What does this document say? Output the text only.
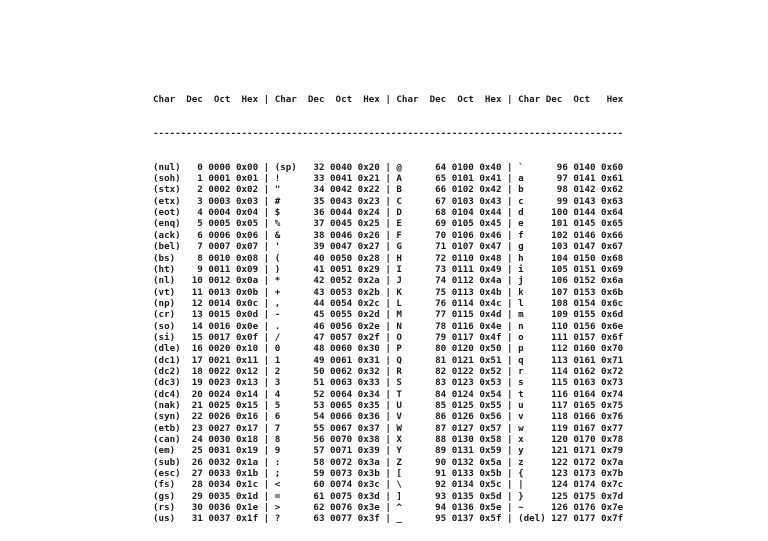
Char  Dec  Oct  Hex | Char  Dec  Oct  Hex | Char  Dec  Oct  Hex | Char Dec  Oct   Hex

-------------------------------------------------------------------------------------

(nul)   0 0000 0x00 | (sp)   32 0040 0x20 | @      64 0100 0x40 | `      96 0140 0x60
(soh)   1 0001 0x01 | !      33 0041 0x21 | A      65 0101 0x41 | a      97 0141 0x61
(stx)   2 0002 0x02 | "      34 0042 0x22 | B      66 0102 0x42 | b      98 0142 0x62
(etx)   3 0003 0x03 | #      35 0043 0x23 | C      67 0103 0x43 | c      99 0143 0x63
(eot)   4 0004 0x04 | $      36 0044 0x24 | D      68 0104 0x44 | d     100 0144 0x64
(enq)   5 0005 0x05 | %      37 0045 0x25 | E      69 0105 0x45 | e     101 0145 0x65
(ack)   6 0006 0x06 | &      38 0046 0x26 | F      70 0106 0x46 | f     102 0146 0x66
(bel)   7 0007 0x07 | '      39 0047 0x27 | G      71 0107 0x47 | g     103 0147 0x67
(bs)    8 0010 0x08 | (      40 0050 0x28 | H      72 0110 0x48 | h     104 0150 0x68
(ht)    9 0011 0x09 | )      41 0051 0x29 | I      73 0111 0x49 | i     105 0151 0x69
(nl)   10 0012 0x0a | *      42 0052 0x2a | J      74 0112 0x4a | j     106 0152 0x6a
(vt)   11 0013 0x0b | +      43 0053 0x2b | K      75 0113 0x4b | k     107 0153 0x6b
(np)   12 0014 0x0c | ,      44 0054 0x2c | L      76 0114 0x4c | l     108 0154 0x6c
(cr)   13 0015 0x0d | -      45 0055 0x2d | M      77 0115 0x4d | m     109 0155 0x6d
(so)   14 0016 0x0e | .      46 0056 0x2e | N      78 0116 0x4e | n     110 0156 0x6e
(si)   15 0017 0x0f | /      47 0057 0x2f | O      79 0117 0x4f | o     111 0157 0x6f
(dle)  16 0020 0x10 | 0      48 0060 0x30 | P      80 0120 0x50 | p     112 0160 0x70
(dc1)  17 0021 0x11 | 1      49 0061 0x31 | Q      81 0121 0x51 | q     113 0161 0x71
(dc2)  18 0022 0x12 | 2      50 0062 0x32 | R      82 0122 0x52 | r     114 0162 0x72
(dc3)  19 0023 0x13 | 3      51 0063 0x33 | S      83 0123 0x53 | s     115 0163 0x73
(dc4)  20 0024 0x14 | 4      52 0064 0x34 | T      84 0124 0x54 | t     116 0164 0x74
(nak)  21 0025 0x15 | 5      53 0065 0x35 | U      85 0125 0x55 | u     117 0165 0x75
(syn)  22 0026 0x16 | 6      54 0066 0x36 | V      86 0126 0x56 | v     118 0166 0x76
(etb)  23 0027 0x17 | 7      55 0067 0x37 | W      87 0127 0x57 | w     119 0167 0x77
(can)  24 0030 0x18 | 8      56 0070 0x38 | X      88 0130 0x58 | x     120 0170 0x78
(em)   25 0031 0x19 | 9      57 0071 0x39 | Y      89 0131 0x59 | y     121 0171 0x79
(sub)  26 0032 0x1a | :      58 0072 0x3a | Z      90 0132 0x5a | z     122 0172 0x7a
(esc)  27 0033 0x1b | ;      59 0073 0x3b | [      91 0133 0x5b | {     123 0173 0x7b
(fs)   28 0034 0x1c | <      60 0074 0x3c | \      92 0134 0x5c | |     124 0174 0x7c
(gs)   29 0035 0x1d | =      61 0075 0x3d | ]      93 0135 0x5d | }     125 0175 0x7d
(rs)   30 0036 0x1e | >      62 0076 0x3e | ^      94 0136 0x5e | ~     126 0176 0x7e
(us)   31 0037 0x1f | ?      63 0077 0x3f | _      95 0137 0x5f | (del) 127 0177 0x7f
